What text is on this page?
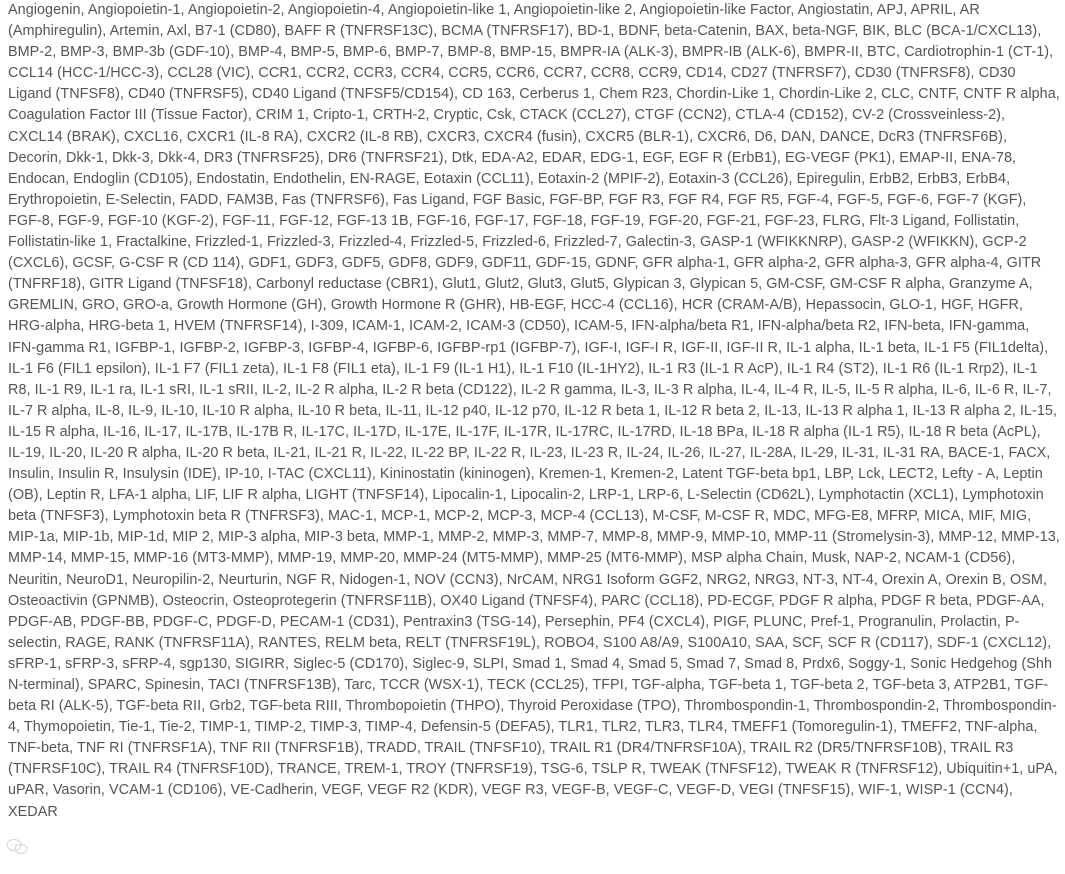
Angiogenin, Angiopoietin-1, Angiopoietin-2, Angiopoietin-4, Angiopoietin-like 1, Angiopoietin-like 2, Angiopoietin-like Factor, Angiostatin, APJ, APRIL, AR (Amphiregulin), Artemin, Axl, B7-1 (CD80), BAFF R (TNFRSF13C), BCMA (TNFRSF17), BD-1, BDNF, beta-Catenin, BAX, beta-NGF, BIK, BLC (BCA-1/CXCL13), BMP-2, BMP-3, BMP-3b (GDF-10), BMP-4, BMP-5, BMP-6, BMP-7, BMP-8, BMP-15, BMPR-IA (ALK-3), BMPR-IB (ALK-6), BMPR-II, BTC, Cardiotrophin-1 (CT-1), CCL14 (HCC-1/HCC-3), CCL28 (VIC), CCR1, CCR2, CCR3, CCR4, CCR5, CCR6, CCR7, CCR8, CCR9, CD14, CD27 (TNFRSF7), CD30 (TNFRSF8), CD30 Ligand (TNFSF8), CD40 (TNFRSF5), CD40 Ligand (TNFSF5/CD154), CD 163, Cerberus 1, Chem R23, Chordin-Like 1, Chordin-Like 2, CLC, CNTF, CNTF R alpha, Coagulation Factor III (Tissue Factor), CRIM 1, Cripto-1, CRTH-2, Cryptic, Csk, CTACK (CCL27), CTGF (CCN2), CTLA-4 (CD152), CV-2 (Crossveinless-2), CXCL14 (BRAK), CXCL16, CXCR1 (IL-8 RA), CXCR2 (IL-8 RB), CXCR3, CXCR4 (fusin), CXCR5 (BLR-1), CXCR6, D6, DAN, DANCE, DcR3 (TNFRSF6B), Decorin, Dkk-1, Dkk-3, Dkk-4, DR3 (TNFRSF25), DR6 (TNFRSF21), Dtk, EDA-A2, EDAR, EDG-1, EGF, EGF R (ErbB1), EG-VEGF (PK1), EMAP-II, ENA-78, Endocan, Endoglin (CD105), Endostatin, Endothelin, EN-RAGE, Eotaxin (CCL11), Eotaxin-2 (MPIF-2), Eotaxin-3 (CCL26), Epiregulin, ErbB2, ErbB3, ErbB4, Erythropoietin, E-Selectin, FADD, FAM3B, Fas (TNFRSF6), Fas Ligand, FGF Basic, FGF-BP, FGF R3, FGF R4, FGF R5, FGF-4, FGF-5, FGF-6, FGF-7 (KGF), FGF-8, FGF-9, FGF-10 (KGF-2), FGF-11, FGF-12, FGF-13 1B, FGF-16, FGF-17, FGF-18, FGF-19, FGF-20, FGF-21, FGF-23, FLRG, Flt-3 Ligand, Follistatin, Follistatin-like 1, Fractalkine, Frizzled-1, Frizzled-3, Frizzled-4, Frizzled-5, Frizzled-6, Frizzled-7, Galectin-3, GASP-1 (WFIKKNRP), GASP-2 (WFIKKN), GCP-2 (CXCL6), GCSF, G-CSF R (CD 114), GDF1, GDF3, GDF5, GDF8, GDF9, GDF11, GDF-15, GDNF, GFR alpha-1, GFR alpha-2, GFR alpha-3, GFR alpha-4, GITR (TNFRF18), GITR Ligand (TNFSF18), Carbonyl reductase (CBR1), Glut1, Glut2, Glut3, Glut5, Glypican 3, Glypican 5, GM-CSF, GM-CSF R alpha, Granzyme A, GREMLIN, GRO, GRO-a, Growth Hormone (GH), Growth Hormone R (GHR), HB-EGF, HCC-4 (CCL16), HCR (CRAM-A/B), Hepassocin, GLO-1, HGF, HGFR, HRG-alpha, HRG-beta 1, HVEM (TNFRSF14), I-309, ICAM-1, ICAM-2, ICAM-3 (CD50), ICAM-5, IFN-alpha/beta R1, IFN-alpha/beta R2, IFN-beta, IFN-gamma, IFN-gamma R1, IGFBP-1, IGFBP-2, IGFBP-3, IGFBP-4, IGFBP-6, IGFBP-rp1 (IGFBP-7), IGF-I, IGF-I R, IGF-II, IGF-II R, IL-1 alpha, IL-1 beta, IL-1 F5 (FIL1delta), IL-1 F6 (FIL1 epsilon), IL-1 F7 (FIL1 zeta), IL-1 F8 (FIL1 eta), IL-1 F9 (IL-1 H1), IL-1 F10 (IL-1HY2), IL-1 R3 (IL-1 R AcP), IL-1 R4 (ST2), IL-1 R6 (IL-1 Rrp2), IL-1 R8, IL-1 R9, IL-1 ra, IL-1 sRI, IL-1 sRII, IL-2, IL-2 R alpha, IL-2 R beta (CD122), IL-2 R gamma, IL-3, IL-3 R alpha, IL-4, IL-4 R, IL-5, IL-5 R alpha, IL-6, IL-6 R, IL-7, IL-7 R alpha, IL-8, IL-9, IL-10, IL-10 R alpha, IL-10 R beta, IL-11, IL-12 p40, IL-12 p70, IL-12 R beta 1, IL-12 R beta 2, IL-13, IL-13 R alpha 1, IL-13 R alpha 2, IL-15, IL-15 R alpha, IL-16, IL-17, IL-17B, IL-17B R, IL-17C, IL-17D, IL-17E, IL-17F, IL-17R, IL-17RC, IL-17RD, IL-18 BPa, IL-18 R alpha (IL-1 R5), IL-18 R beta (AcPL), IL-19, IL-20, IL-20 R alpha, IL-20 R beta, IL-21, IL-21 R, IL-22, IL-22 BP, IL-22 R, IL-23, IL-23 R, IL-24, IL-26, IL-27, IL-28A, IL-29, IL-31, IL-31 RA, BACE-1, FACX, Insulin, Insulin R, Insulysin (IDE), IP-10, I-TAC (CXCL11), Kininostatin (kininogen), Kremen-1, Kremen-2, Latent TGF-beta bp1, LBP, Lck, LECT2, Lefty - A, Leptin (OB), Leptin R, LFA-1 alpha, LIF, LIF R alpha, LIGHT (TNFSF14), Lipocalin-1, Lipocalin-2, LRP-1, LRP-6, L-Selectin (CD62L), Lymphotactin (XCL1), Lymphotoxin beta (TNFSF3), Lymphotoxin beta R (TNFRSF3), MAC-1, MCP-1, MCP-2, MCP-3, MCP-4 (CCL13), M-CSF, M-CSF R, MDC, MFG-E8, MFRP, MICA, MIF, MIG, MIP-1a, MIP-1b, MIP-1d, MIP 2, MIP-3 alpha, MIP-3 beta, MMP-1, MMP-2, MMP-3, MMP-7, MMP-8, MMP-9, MMP-10, MMP-11 (Stromelysin-3), MMP-12, MMP-13, MMP-14, MMP-15, MMP-16 (MT3-MMP), MMP-19, MMP-20, MMP-24 (MT5-MMP), MMP-25 (MT6-MMP), MSP alpha Chain, Musk, NAP-2, NCAM-1 (CD56), Neuritin, NeuroD1, Neuropilin-2, Neurturin, NGF R, Nidogen-1, NOV (CCN3), NrCAM, NRG1 Isoform GGF2, NRG2, NRG3, NT-3, NT-4, Orexin A, Orexin B, OSM, Osteoactivin (GPNMB), Osteocrin, Osteoprotegerin (TNFRSF11B), OX40 Ligand (TNFSF4), PARC (CCL18), PD-ECGF, PDGF R alpha, PDGF R beta, PDGF-AA, PDGF-AB, PDGF-BB, PDGF-C, PDGF-D, PECAM-1 (CD31), Pentraxin3 (TSG-14), Persephin, PF4 (CXCL4), PIGF, PLUNC, Pref-1, Progranulin, Prolactin, P-selectin, RAGE, RANK (TNFRSF11A), RANTES, RELM beta, RELT (TNFRSF19L), ROBO4, S100 A8/A9, S100A10, SAA, SCF, SCF R (CD117), SDF-1 (CXCL12), sFRP-1, sFRP-3, sFRP-4, sgp130, SIGIRR, Siglec-5 (CD170), Siglec-9, SLPI, Smad 1, Smad 4, Smad 5, Smad 7, Smad 8, Prdx6, Soggy-1, Sonic Hedgehog (Shh N-terminal), SPARC, Spinesin, TACI (TNFRSF13B), Tarc, TCCR (WSX-1), TECK (CCL25), TFPI, TGF-alpha, TGF-beta 1, TGF-beta 2, TGF-beta 3, ATP2B1, TGF-beta RI (ALK-5), TGF-beta RII, Grb2, TGF-beta RIII, Thrombopoietin (THPO), Thyroid Peroxidase (TPO), Thrombospondin-1, Thrombospondin-2, Thrombospondin-4, Thymopoietin, Tie-1, Tie-2, TIMP-1, TIMP-2, TIMP-3, TIMP-4, Defensin-5 (DEFA5), TLR1, TLR2, TLR3, TLR4, TMEFF1 (Tomoregulin-1), TMEFF2, TNF-alpha, TNF-beta, TNF RI (TNFRSF1A), TNF RII (TNFRSF1B), TRADD, TRAIL (TNFSF10), TRAIL R1 (DR4/TNFRSF10A), TRAIL R2 (DR5/TNFRSF10B), TRAIL R3 (TNFRSF10C), TRAIL R4 (TNFRSF10D), TRANCE, TREM-1, TROY (TNFRSF19), TSG-6, TSLP R, TWEAK (TNFSF12), TWEAK R (TNFRSF12), Ubiquitin+1, uPA, uPAR, Vasorin, VCAM-1 (CD106), VE-Cadherin, VEGF, VEGF R2 (KDR), VEGF R3, VEGF-B, VEGF-C, VEGF-D, VEGI (TNFSF15), WIF-1, WISP-1 (CCN4), XEDAR
